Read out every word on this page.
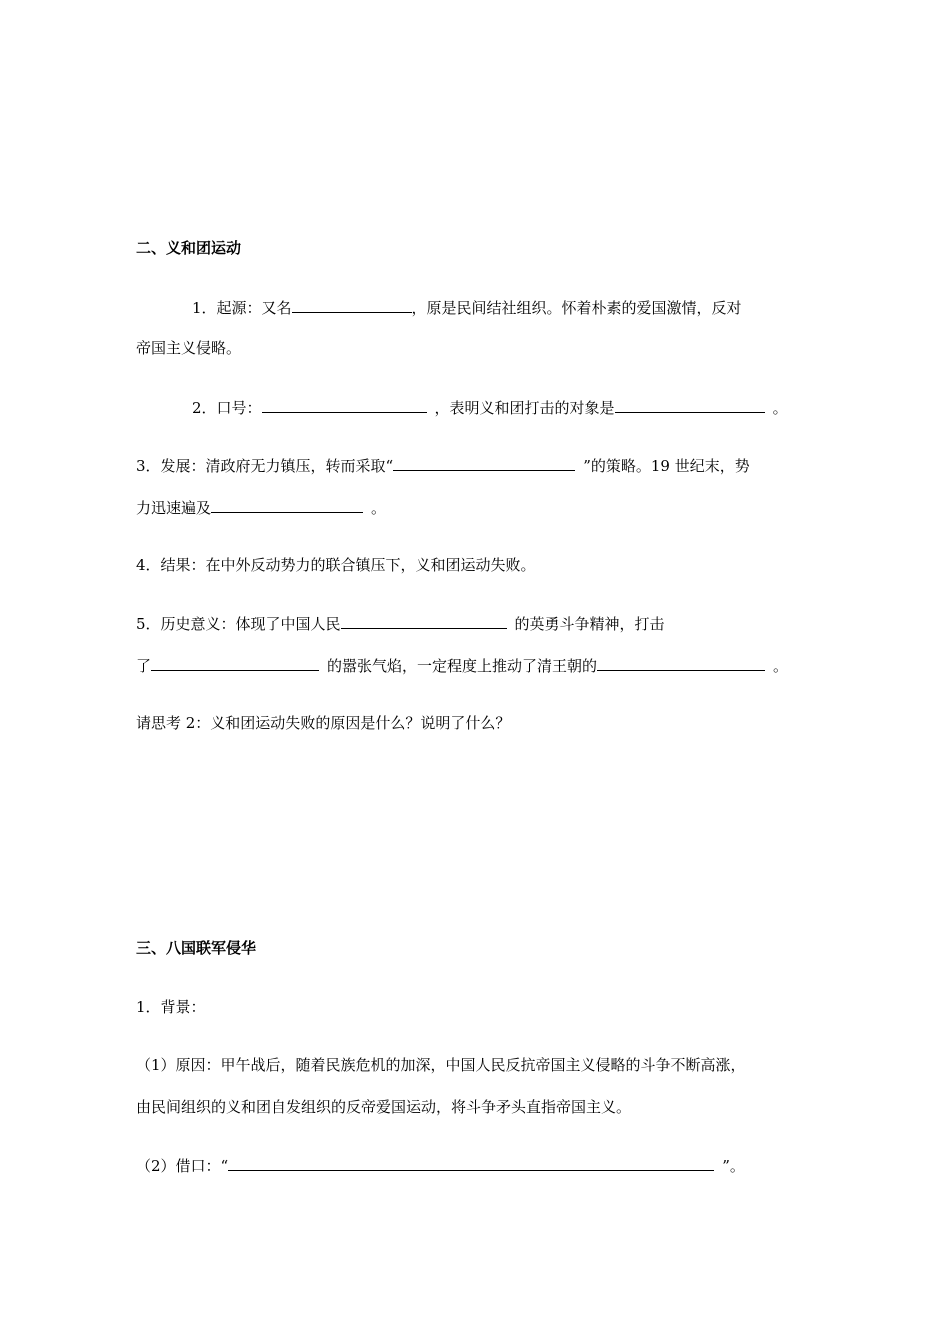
二、义和团运动
1．起源：又名	，原是民间结社组织。怀着朴素的爱国激情，反对
帝国主义侵略。
2．口号：	，表明义和团打击的对象是	。
3．发展：清政府无力镇压，转而采取“	”的策略。19 世纪末，势
力迅速遍及	。
4．结果：在中外反动势力的联合镇压下，义和团运动失败。
5．历史意义：体现了中国人民	的英勇斗争精神，打击
了	的嚣张气焰，一定程度上推动了清王朝的	。
请思考 2：义和团运动失败的原因是什么？说明了什么？
三、八国联军侵华
1．背景：
（1）原因：甲午战后，随着民族危机的加深，中国人民反抗帝国主义侵略的斗争不断高涨，
由民间组织的义和团自发组织的反帝爱国运动，将斗争矛头直指帝国主义。
（2）借口：“	”。
